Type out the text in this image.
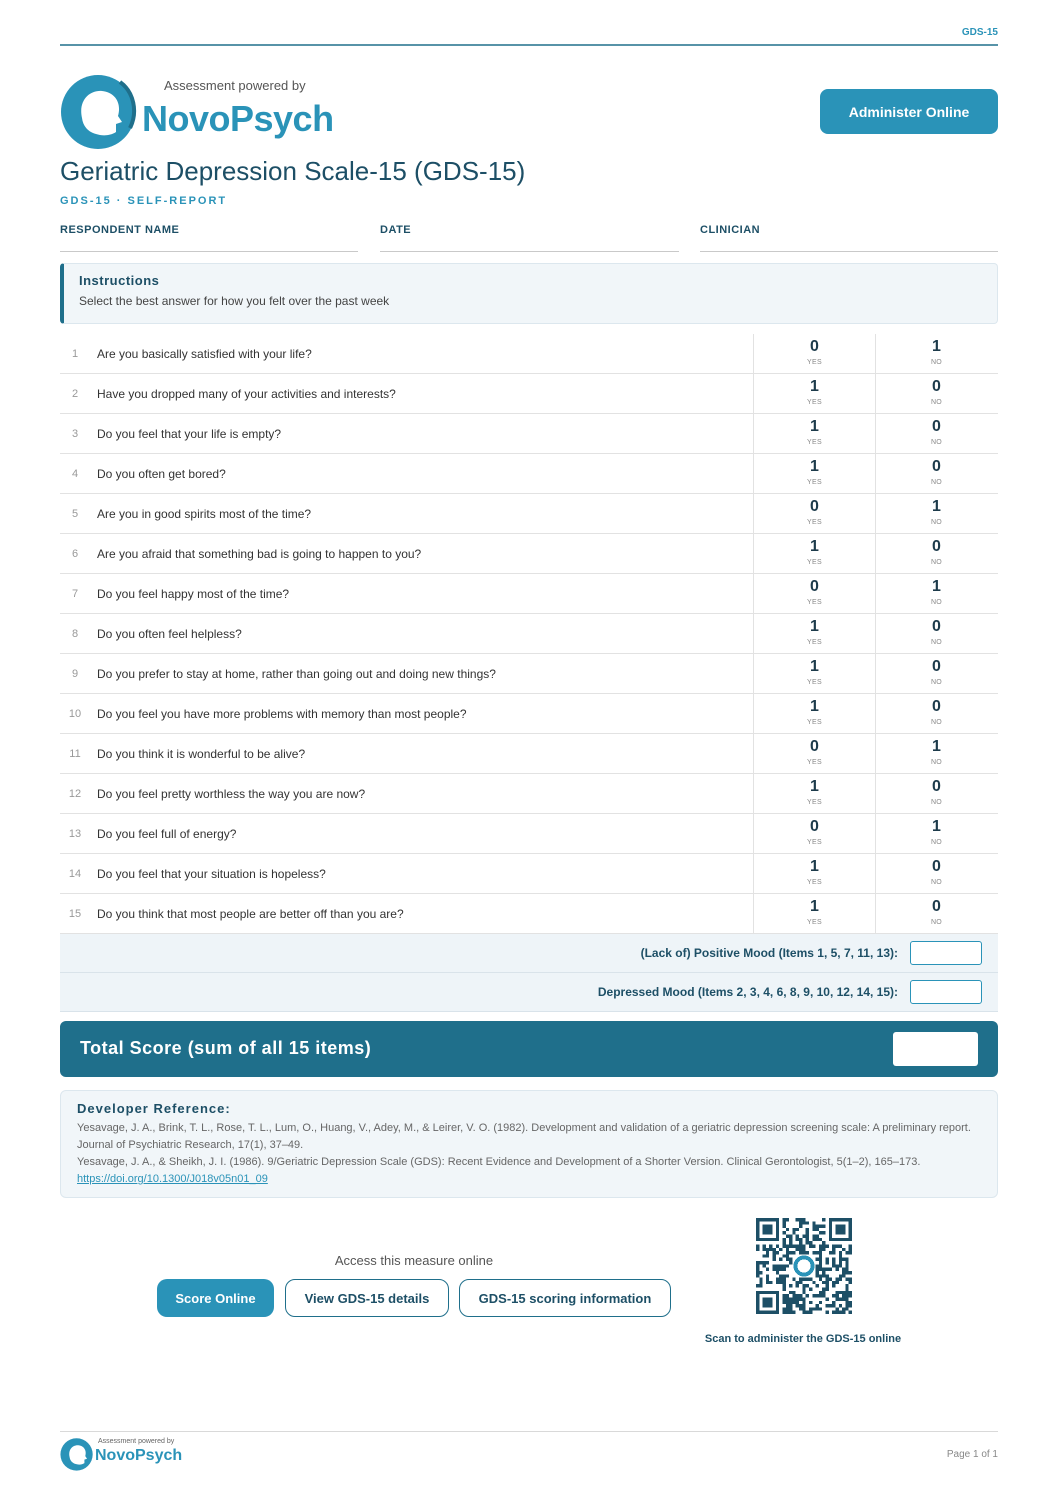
GDS-15
Assessment powered by
NovoPsych	Administer Online
Geriatric Depression Scale-15 (GDS-15)
GDS-15 · SELF-REPORT
RESPONDENT NAME	DATE	CLINICIAN
Instructions
Select the best answer for how you felt over the past week
1	Are you basically satisfied with your life?	0
YES
1
NO
2	Have you dropped many of your activities and interests?	1
YES
0
NO
3	Do you feel that your life is empty?	1
YES
0
NO
4	Do you often get bored?	1
YES
0
NO
5	Are you in good spirits most of the time?	0
YES
1
NO
6	Are you afraid that something bad is going to happen to you?	1
YES
0
NO
7	Do you feel happy most of the time?	0
YES
1
NO
8	Do you often feel helpless?	1
YES
0
NO
9	Do you prefer to stay at home, rather than going out and doing new things?	1
YES
0
NO
10	Do you feel you have more problems with memory than most people?	1
YES
0
NO
11	Do you think it is wonderful to be alive?	0
YES
1
NO
12	Do you feel pretty worthless the way you are now?	1
YES
0
NO
13	Do you feel full of energy?	0
YES
1
NO
14	Do you feel that your situation is hopeless?	1
YES
0
NO
15	Do you think that most people are better off than you are?	1
YES
0
NO
(Lack of) Positive Mood (Items 1, 5, 7, 11, 13):
Depressed Mood (Items 2, 3, 4, 6, 8, 9, 10, 12, 14, 15):
Total Score (sum of all 15 items)
Developer Reference:
Yesavage, J. A., Brink, T. L., Rose, T. L., Lum, O., Huang, V., Adey, M., & Leirer, V. O. (1982). Development and validation of a geriatric depression screening scale: A preliminary report. Journal of Psychiatric Research, 17(1), 37–49.
Yesavage, J. A., & Sheikh, J. I. (1986). 9/Geriatric Depression Scale (GDS): Recent Evidence and Development of a Shorter Version. Clinical Gerontologist, 5(1–2), 165–173. https://doi.org/10.1300/J018v05n01_09
Access this measure online
Score Online	View GDS-15 details	GDS-15 scoring information
Scan to administer the GDS-15 online
Assessment powered by
NovoPsych	Page 1 of 1
